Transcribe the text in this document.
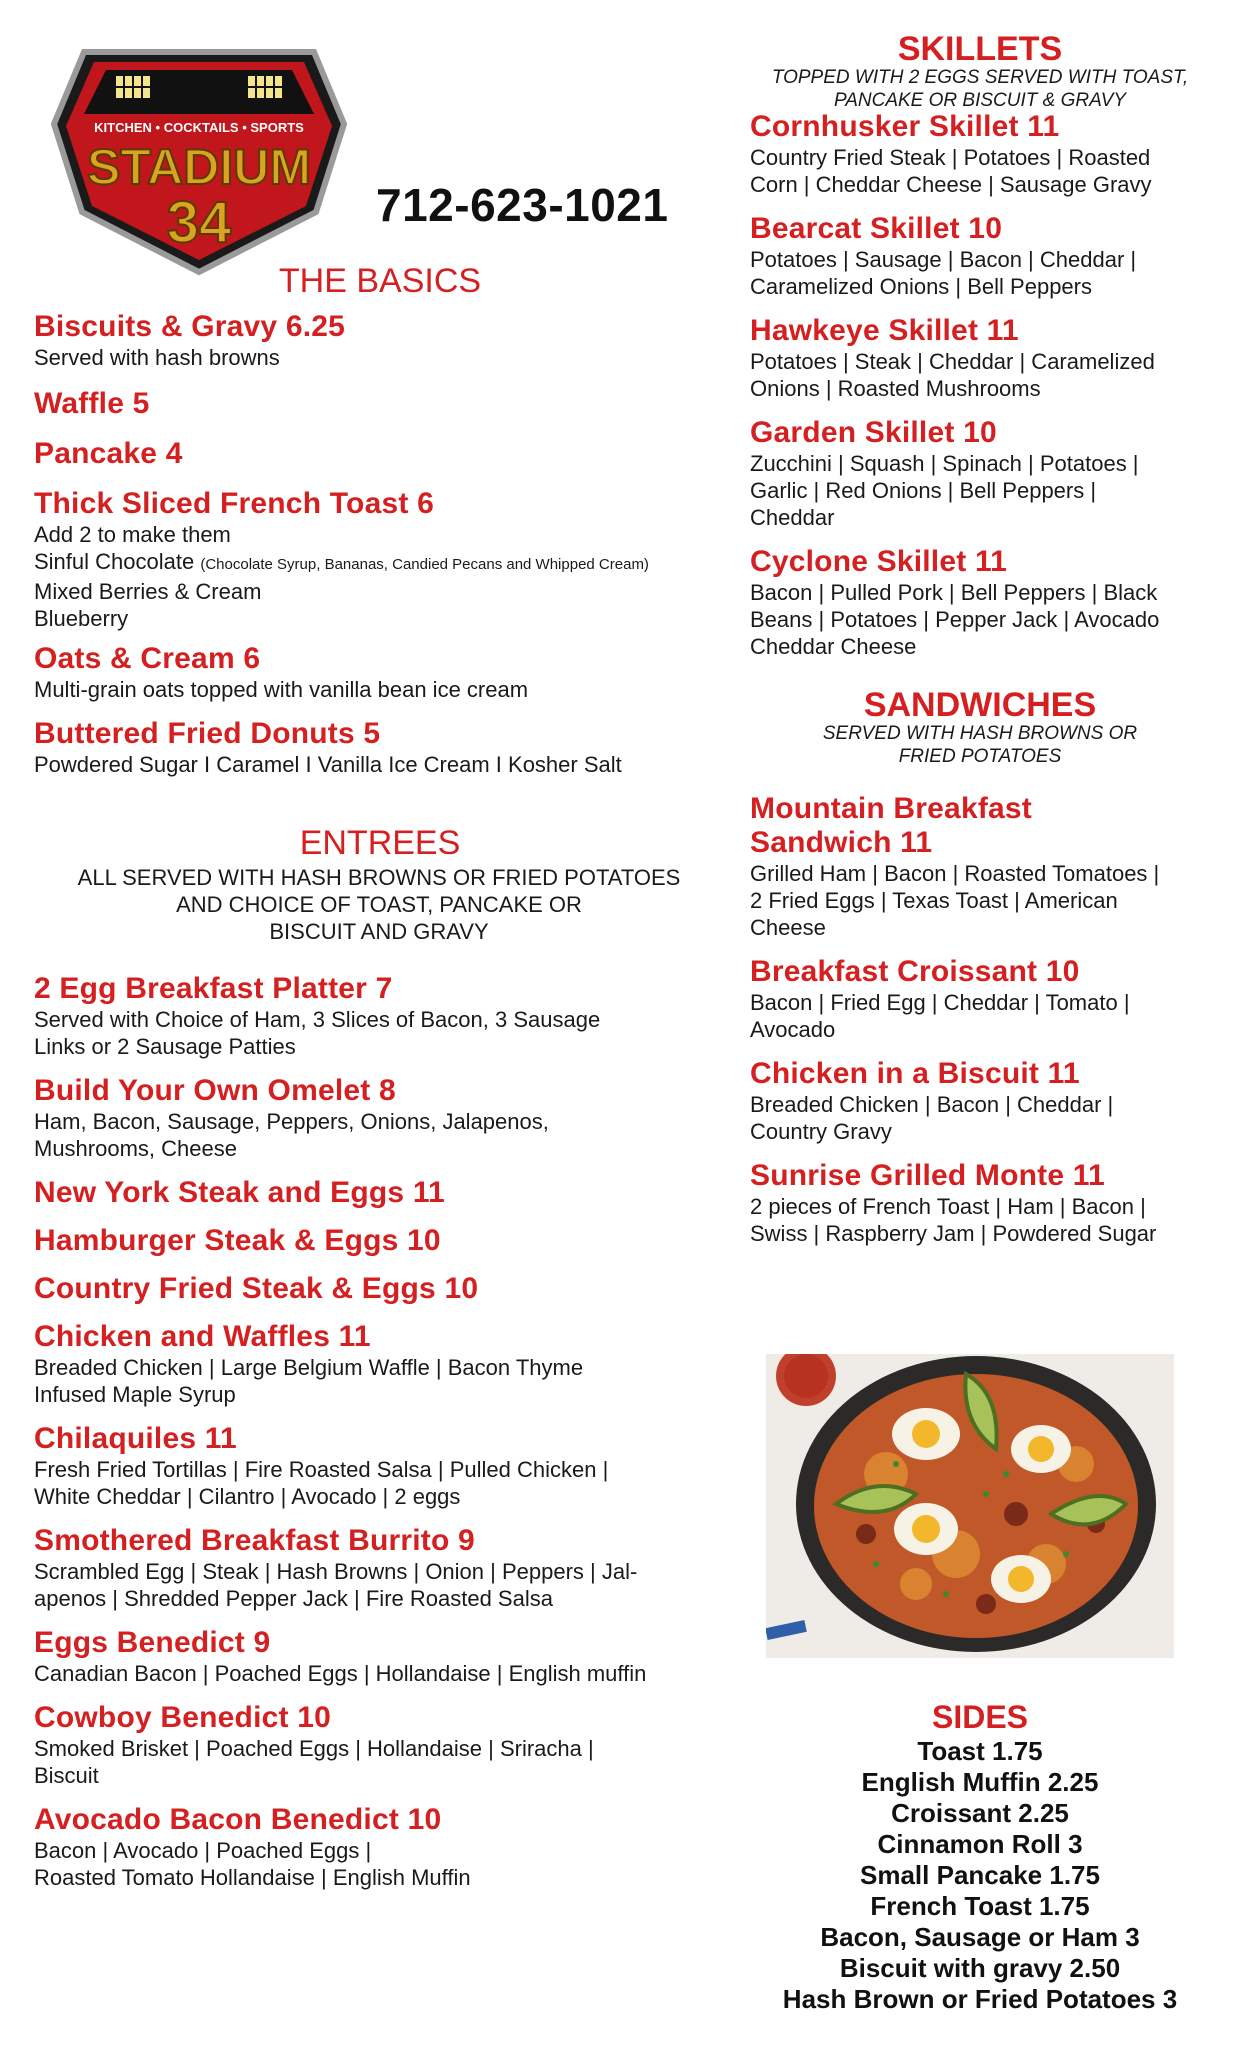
KITCHEN • COCKTAILS • SPORTS
STADIUM
34	712-623-1021
THE BASICS
Biscuits & Gravy 6.25
Served with hash browns
Waffle 5
Pancake 4
Thick Sliced French Toast 6
Add 2 to make them
Sinful Chocolate (Chocolate Syrup, Bananas, Candied Pecans and Whipped Cream)
Mixed Berries & Cream
Blueberry
Oats & Cream 6
Multi-grain oats topped with vanilla bean ice cream
Buttered Fried Donuts 5
Powdered Sugar I Caramel I Vanilla Ice Cream I Kosher Salt
ENTREES
ALL SERVED WITH HASH BROWNS OR FRIED POTATOES
AND CHOICE OF TOAST, PANCAKE OR
BISCUIT AND GRAVY
2 Egg Breakfast Platter 7
Served with Choice of Ham, 3 Slices of Bacon, 3 Sausage
Links or 2 Sausage Patties
Build Your Own Omelet 8
Ham, Bacon, Sausage, Peppers, Onions, Jalapenos,
Mushrooms, Cheese
New York Steak and Eggs 11
Hamburger Steak & Eggs 10
Country Fried Steak & Eggs 10
Chicken and Waffles 11
Breaded Chicken | Large Belgium Waffle | Bacon Thyme
Infused Maple Syrup
Chilaquiles 11
Fresh Fried Tortillas | Fire Roasted Salsa | Pulled Chicken |
White Cheddar | Cilantro | Avocado | 2 eggs
Smothered Breakfast Burrito 9
Scrambled Egg | Steak | Hash Browns | Onion | Peppers | Jal-
apenos | Shredded Pepper Jack | Fire Roasted Salsa
Eggs Benedict 9
Canadian Bacon | Poached Eggs | Hollandaise | English muffin
Cowboy Benedict 10
Smoked Brisket | Poached Eggs | Hollandaise | Sriracha |
Biscuit
Avocado Bacon Benedict 10
Bacon | Avocado | Poached Eggs |
Roasted Tomato Hollandaise | English Muffin
SKILLETS
TOPPED WITH 2 EGGS SERVED WITH TOAST,
PANCAKE OR BISCUIT & GRAVY
Cornhusker Skillet 11
Country Fried Steak | Potatoes | Roasted
Corn | Cheddar Cheese | Sausage Gravy
Bearcat Skillet 10
Potatoes | Sausage | Bacon | Cheddar |
Caramelized Onions | Bell Peppers
Hawkeye Skillet 11
Potatoes | Steak | Cheddar | Caramelized
Onions | Roasted Mushrooms
Garden Skillet 10
Zucchini | Squash | Spinach | Potatoes |
Garlic | Red Onions | Bell Peppers |
Cheddar
Cyclone Skillet 11
Bacon | Pulled Pork | Bell Peppers | Black
Beans | Potatoes | Pepper Jack | Avocado
Cheddar Cheese
SANDWICHES
SERVED WITH HASH BROWNS OR
FRIED POTATOES
Mountain Breakfast
Sandwich 11
Grilled Ham | Bacon | Roasted Tomatoes |
2 Fried Eggs | Texas Toast | American
Cheese
Breakfast Croissant 10
Bacon | Fried Egg | Cheddar | Tomato |
Avocado
Chicken in a Biscuit 11
Breaded Chicken | Bacon | Cheddar |
Country Gravy
Sunrise Grilled Monte 11
2 pieces of French Toast | Ham | Bacon |
Swiss | Raspberry Jam | Powdered Sugar
SIDES
Toast 1.75
English Muffin 2.25
Croissant 2.25
Cinnamon Roll 3
Small Pancake 1.75
French Toast 1.75
Bacon, Sausage or Ham 3
Biscuit with gravy 2.50
Hash Brown or Fried Potatoes 3
